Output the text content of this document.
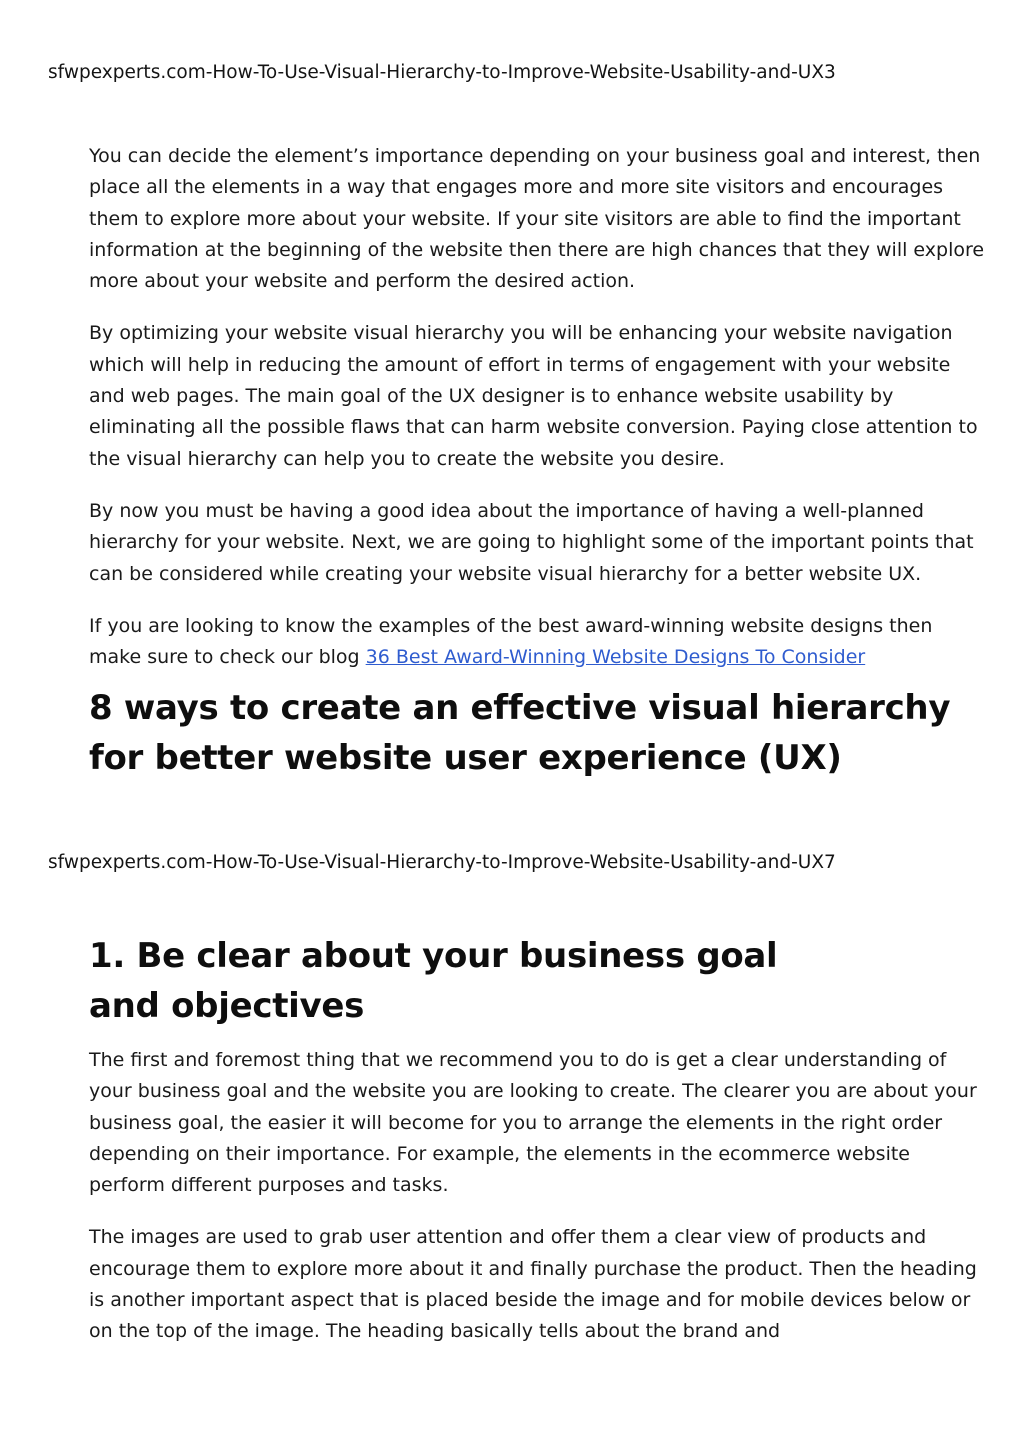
sfwpexperts.com-How-To-Use-Visual-Hierarchy-to-Improve-Website-Usability-and-UX3

You can decide the element’s importance depending on your business goal and interest, then place all the elements in a way that engages more and more site visitors and encourages them to explore more about your website. If your site visitors are able to find the important information at the beginning of the website then there are high chances that they will explore more about your website and perform the desired action.

By optimizing your website visual hierarchy you will be enhancing your website navigation which will help in reducing the amount of effort in terms of engagement with your website and web pages. The main goal of the UX designer is to enhance website usability by eliminating all the possible flaws that can harm website conversion. Paying close attention to the visual hierarchy can help you to create the website you desire.

By now you must be having a good idea about the importance of having a well-planned hierarchy for your website. Next, we are going to highlight some of the important points that can be considered while creating your website visual hierarchy for a better website UX.

If you are looking to know the examples of the best award-winning website designs then make sure to check our blog 36 Best Award-Winning Website Designs To Consider

8 ways to create an effective visual hierarchy for better website user experience (UX)
sfwpexperts.com-How-To-Use-Visual-Hierarchy-to-Improve-Website-Usability-and-UX7
1. Be clear about your business goal and objectives

The first and foremost thing that we recommend you to do is get a clear understanding of your business goal and the website you are looking to create. The clearer you are about your business goal, the easier it will become for you to arrange the elements in the right order depending on their importance. For example, the elements in the ecommerce website perform different purposes and tasks.

The images are used to grab user attention and offer them a clear view of products and encourage them to explore more about it and finally purchase the product. Then the heading is another important aspect that is placed beside the image and for mobile devices below or on the top of the image. The heading basically tells about the brand and
